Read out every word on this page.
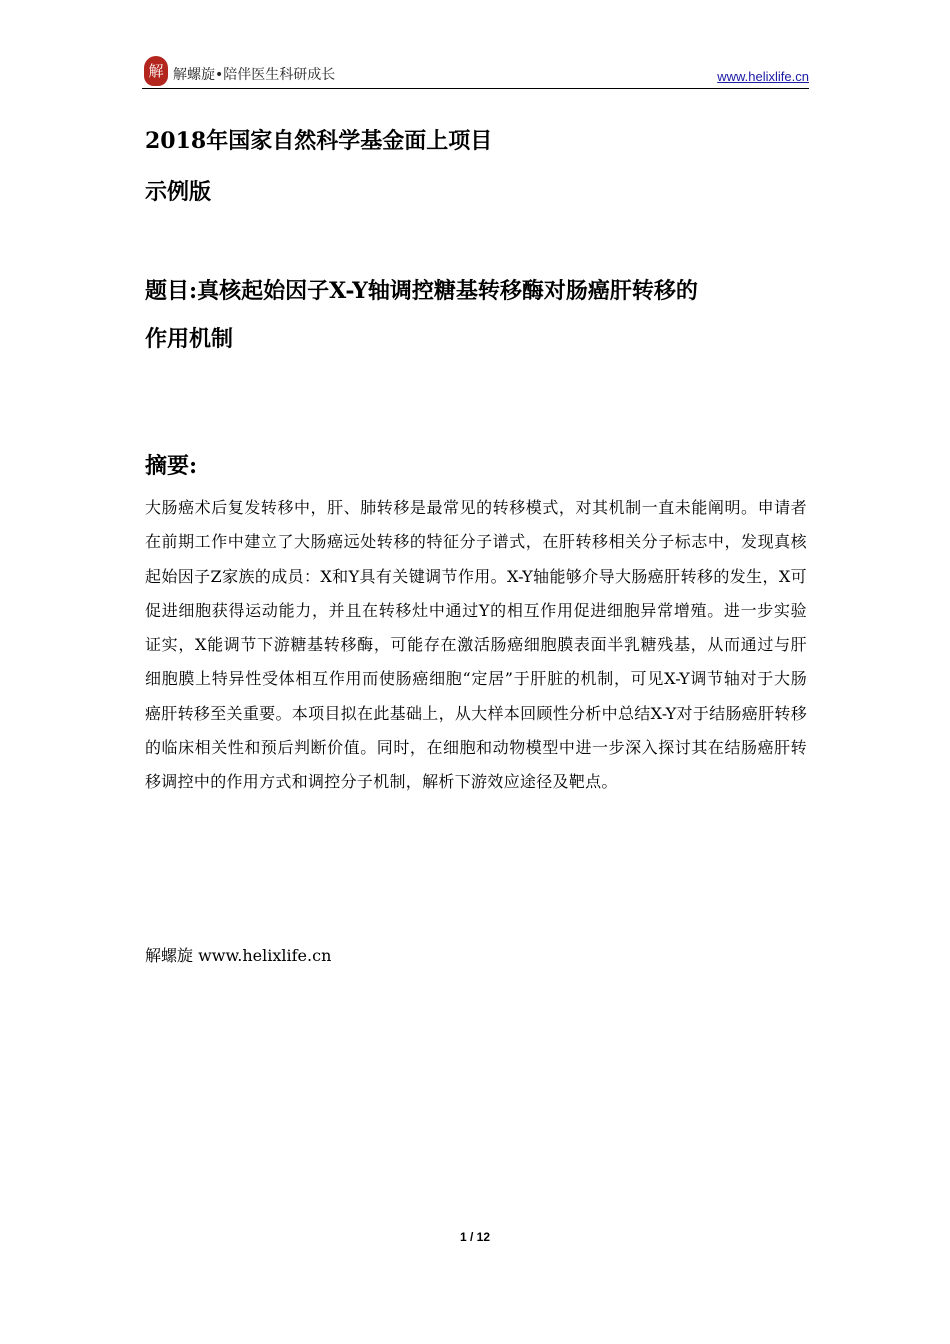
解 解螺旋•陪伴医生科研成长	www.helixlife.cn
2018年国家自然科学基金面上项目
示例版
题目:真核起始因子X-Y轴调控糖基转移酶对肠癌肝转移的
作用机制
摘要:
大肠癌术后复发转移中，肝、肺转移是最常见的转移模式，对其机制一直未能阐明。申请者在前期工作中建立了大肠癌远处转移的特征分子谱式，在肝转移相关分子标志中，发现真核起始因子Z家族的成员：X和Y具有关键调节作用。X-Y轴能够介导大肠癌肝转移的发生，X可促进细胞获得运动能力，并且在转移灶中通过Y的相互作用促进细胞异常增殖。进一步实验证实，X能调节下游糖基转移酶，可能存在激活肠癌细胞膜表面半乳糖残基，从而通过与肝细胞膜上特异性受体相互作用而使肠癌细胞“定居”于肝脏的机制，可见X-Y调节轴对于大肠癌肝转移至关重要。本项目拟在此基础上，从大样本回顾性分析中总结X-Y对于结肠癌肝转移的临床相关性和预后判断价值。同时，在细胞和动物模型中进一步深入探讨其在结肠癌肝转移调控中的作用方式和调控分子机制，解析下游效应途径及靶点。
解螺旋 www.helixlife.cn
1 / 12
